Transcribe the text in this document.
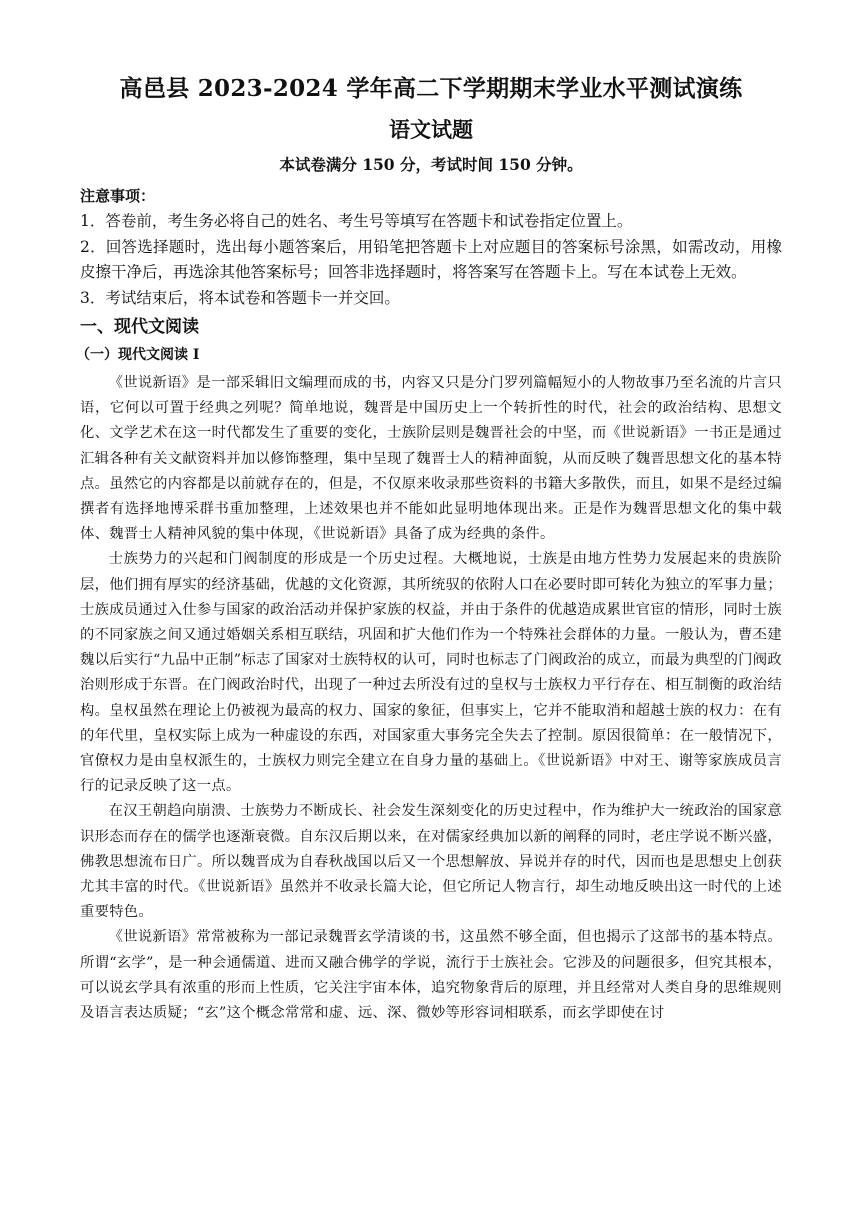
高邑县 2023-2024 学年高二下学期期末学业水平测试演练
语文试题
本试卷满分 150 分，考试时间 150 分钟。
注意事项：
1．答卷前，考生务必将自己的姓名、考生号等填写在答题卡和试卷指定位置上。
2．回答选择题时，选出每小题答案后，用铅笔把答题卡上对应题目的答案标号涂黑，如需改动，用橡皮擦干净后，再选涂其他答案标号；回答非选择题时，将答案写在答题卡上。写在本试卷上无效。
3．考试结束后，将本试卷和答题卡一并交回。
一、现代文阅读
（一）现代文阅读 I

《世说新语》是一部采辑旧文编理而成的书，内容又只是分门罗列篇幅短小的人物故事乃至名流的片言只语，它何以可置于经典之列呢？简单地说，魏晋是中国历史上一个转折性的时代，社会的政治结构、思想文化、文学艺术在这一时代都发生了重要的变化，士族阶层则是魏晋社会的中坚，而《世说新语》一书正是通过汇辑各种有关文献资料并加以修饰整理，集中呈现了魏晋士人的精神面貌，从而反映了魏晋思想文化的基本特点。虽然它的内容都是以前就存在的，但是，不仅原来收录那些资料的书籍大多散佚，而且，如果不是经过编撰者有选择地博采群书重加整理，上述效果也并不能如此显明地体现出来。正是作为魏晋思想文化的集中载体、魏晋士人精神风貌的集中体现，《世说新语》具备了成为经典的条件。

士族势力的兴起和门阀制度的形成是一个历史过程。大概地说，士族是由地方性势力发展起来的贵族阶层，他们拥有厚实的经济基础，优越的文化资源，其所统驭的依附人口在必要时即可转化为独立的军事力量；士族成员通过入仕参与国家的政治活动并保护家族的权益，并由于条件的优越造成累世官宦的情形，同时士族的不同家族之间又通过婚姻关系相互联结，巩固和扩大他们作为一个特殊社会群体的力量。一般认为，曹丕建魏以后实行“九品中正制”标志了国家对士族特权的认可，同时也标志了门阀政治的成立，而最为典型的门阀政治则形成于东晋。在门阀政治时代，出现了一种过去所没有过的皇权与士族权力平行存在、相互制衡的政治结构。皇权虽然在理论上仍被视为最高的权力、国家的象征，但事实上，它并不能取消和超越士族的权力：在有的年代里，皇权实际上成为一种虚设的东西，对国家重大事务完全失去了控制。原因很简单：在一般情况下，官僚权力是由皇权派生的，士族权力则完全建立在自身力量的基础上。《世说新语》中对王、谢等家族成员言行的记录反映了这一点。

在汉王朝趋向崩溃、士族势力不断成长、社会发生深刻变化的历史过程中，作为维护大一统政治的国家意识形态而存在的儒学也逐渐衰微。自东汉后期以来，在对儒家经典加以新的阐释的同时，老庄学说不断兴盛，佛教思想流布日广。所以魏晋成为自春秋战国以后又一个思想解放、异说并存的时代，因而也是思想史上创获尤其丰富的时代。《世说新语》虽然并不收录长篇大论，但它所记人物言行，却生动地反映出这一时代的上述重要特色。

《世说新语》常常被称为一部记录魏晋玄学清谈的书，这虽然不够全面，但也揭示了这部书的基本特点。所谓“玄学”，是一种会通儒道、进而又融合佛学的学说，流行于士族社会。它涉及的问题很多，但究其根本，可以说玄学具有浓重的形而上性质，它关注宇宙本体，追究物象背后的原理，并且经常对人类自身的思维规则及语言表达质疑；“玄”这个概念常常和虚、远、深、微妙等形容词相联系，而玄学即使在讨
